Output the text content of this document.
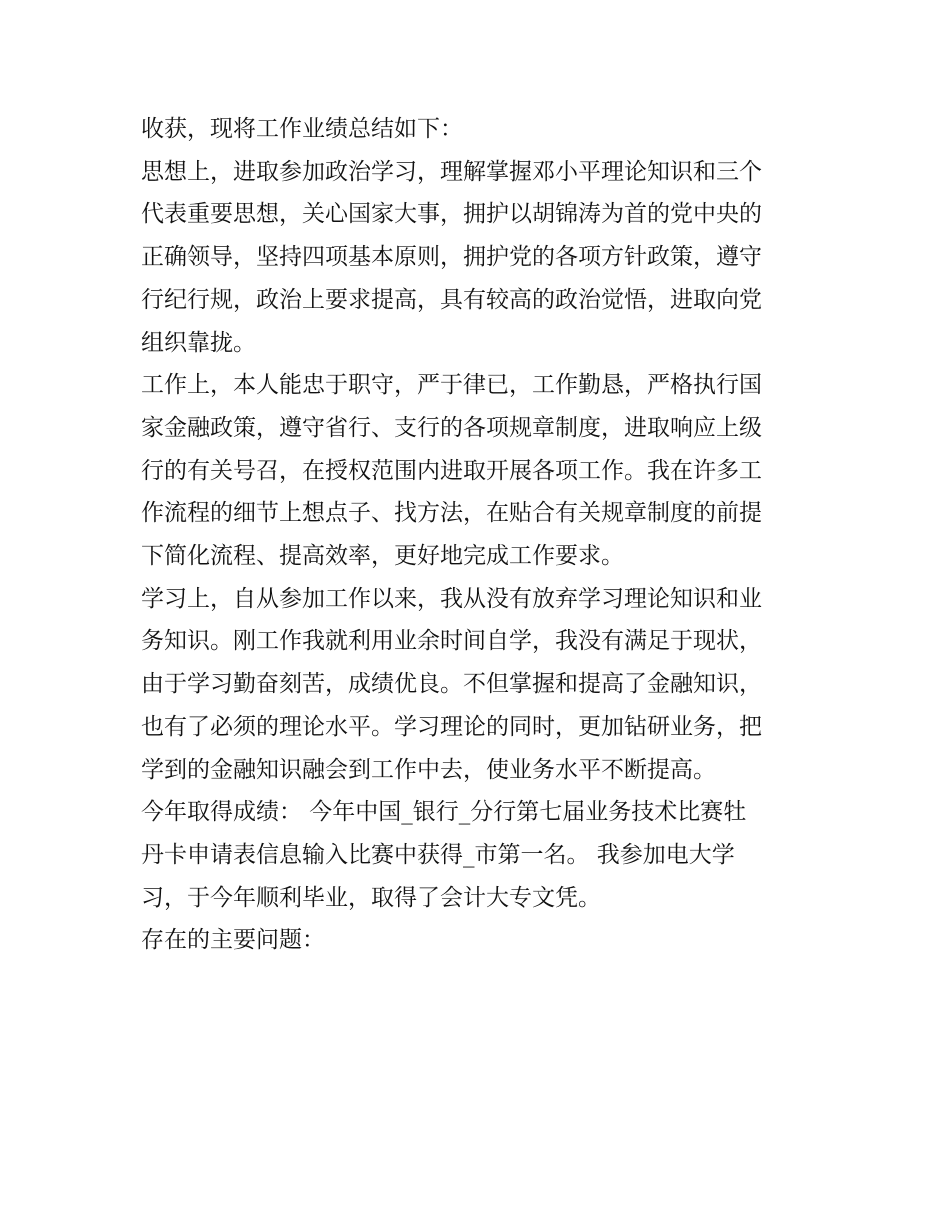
收获，现将工作业绩总结如下：

思想上，进取参加政治学习，理解掌握邓小平理论知识和三个
代表重要思想，关心国家大事，拥护以胡锦涛为首的党中央的
正确领导，坚持四项基本原则，拥护党的各项方针政策，遵守
行纪行规，政治上要求提高，具有较高的政治觉悟，进取向党
组织靠拢。

工作上，本人能忠于职守，严于律已，工作勤恳，严格执行国
家金融政策，遵守省行、支行的各项规章制度，进取响应上级
行的有关号召，在授权范围内进取开展各项工作。我在许多工
作流程的细节上想点子、找方法，在贴合有关规章制度的前提
下简化流程、提高效率，更好地完成工作要求。

学习上，自从参加工作以来，我从没有放弃学习理论知识和业
务知识。刚工作我就利用业余时间自学，我没有满足于现状，
由于学习勤奋刻苦，成绩优良。不但掌握和提高了金融知识，
也有了必须的理论水平。学习理论的同时，更加钻研业务，把
学到的金融知识融会到工作中去，使业务水平不断提高。

今年取得成绩： 今年中国_银行_分行第七届业务技术比赛牡
丹卡申请表信息输入比赛中获得_市第一名。 我参加电大学
习，于今年顺利毕业，取得了会计大专文凭。

存在的主要问题：
